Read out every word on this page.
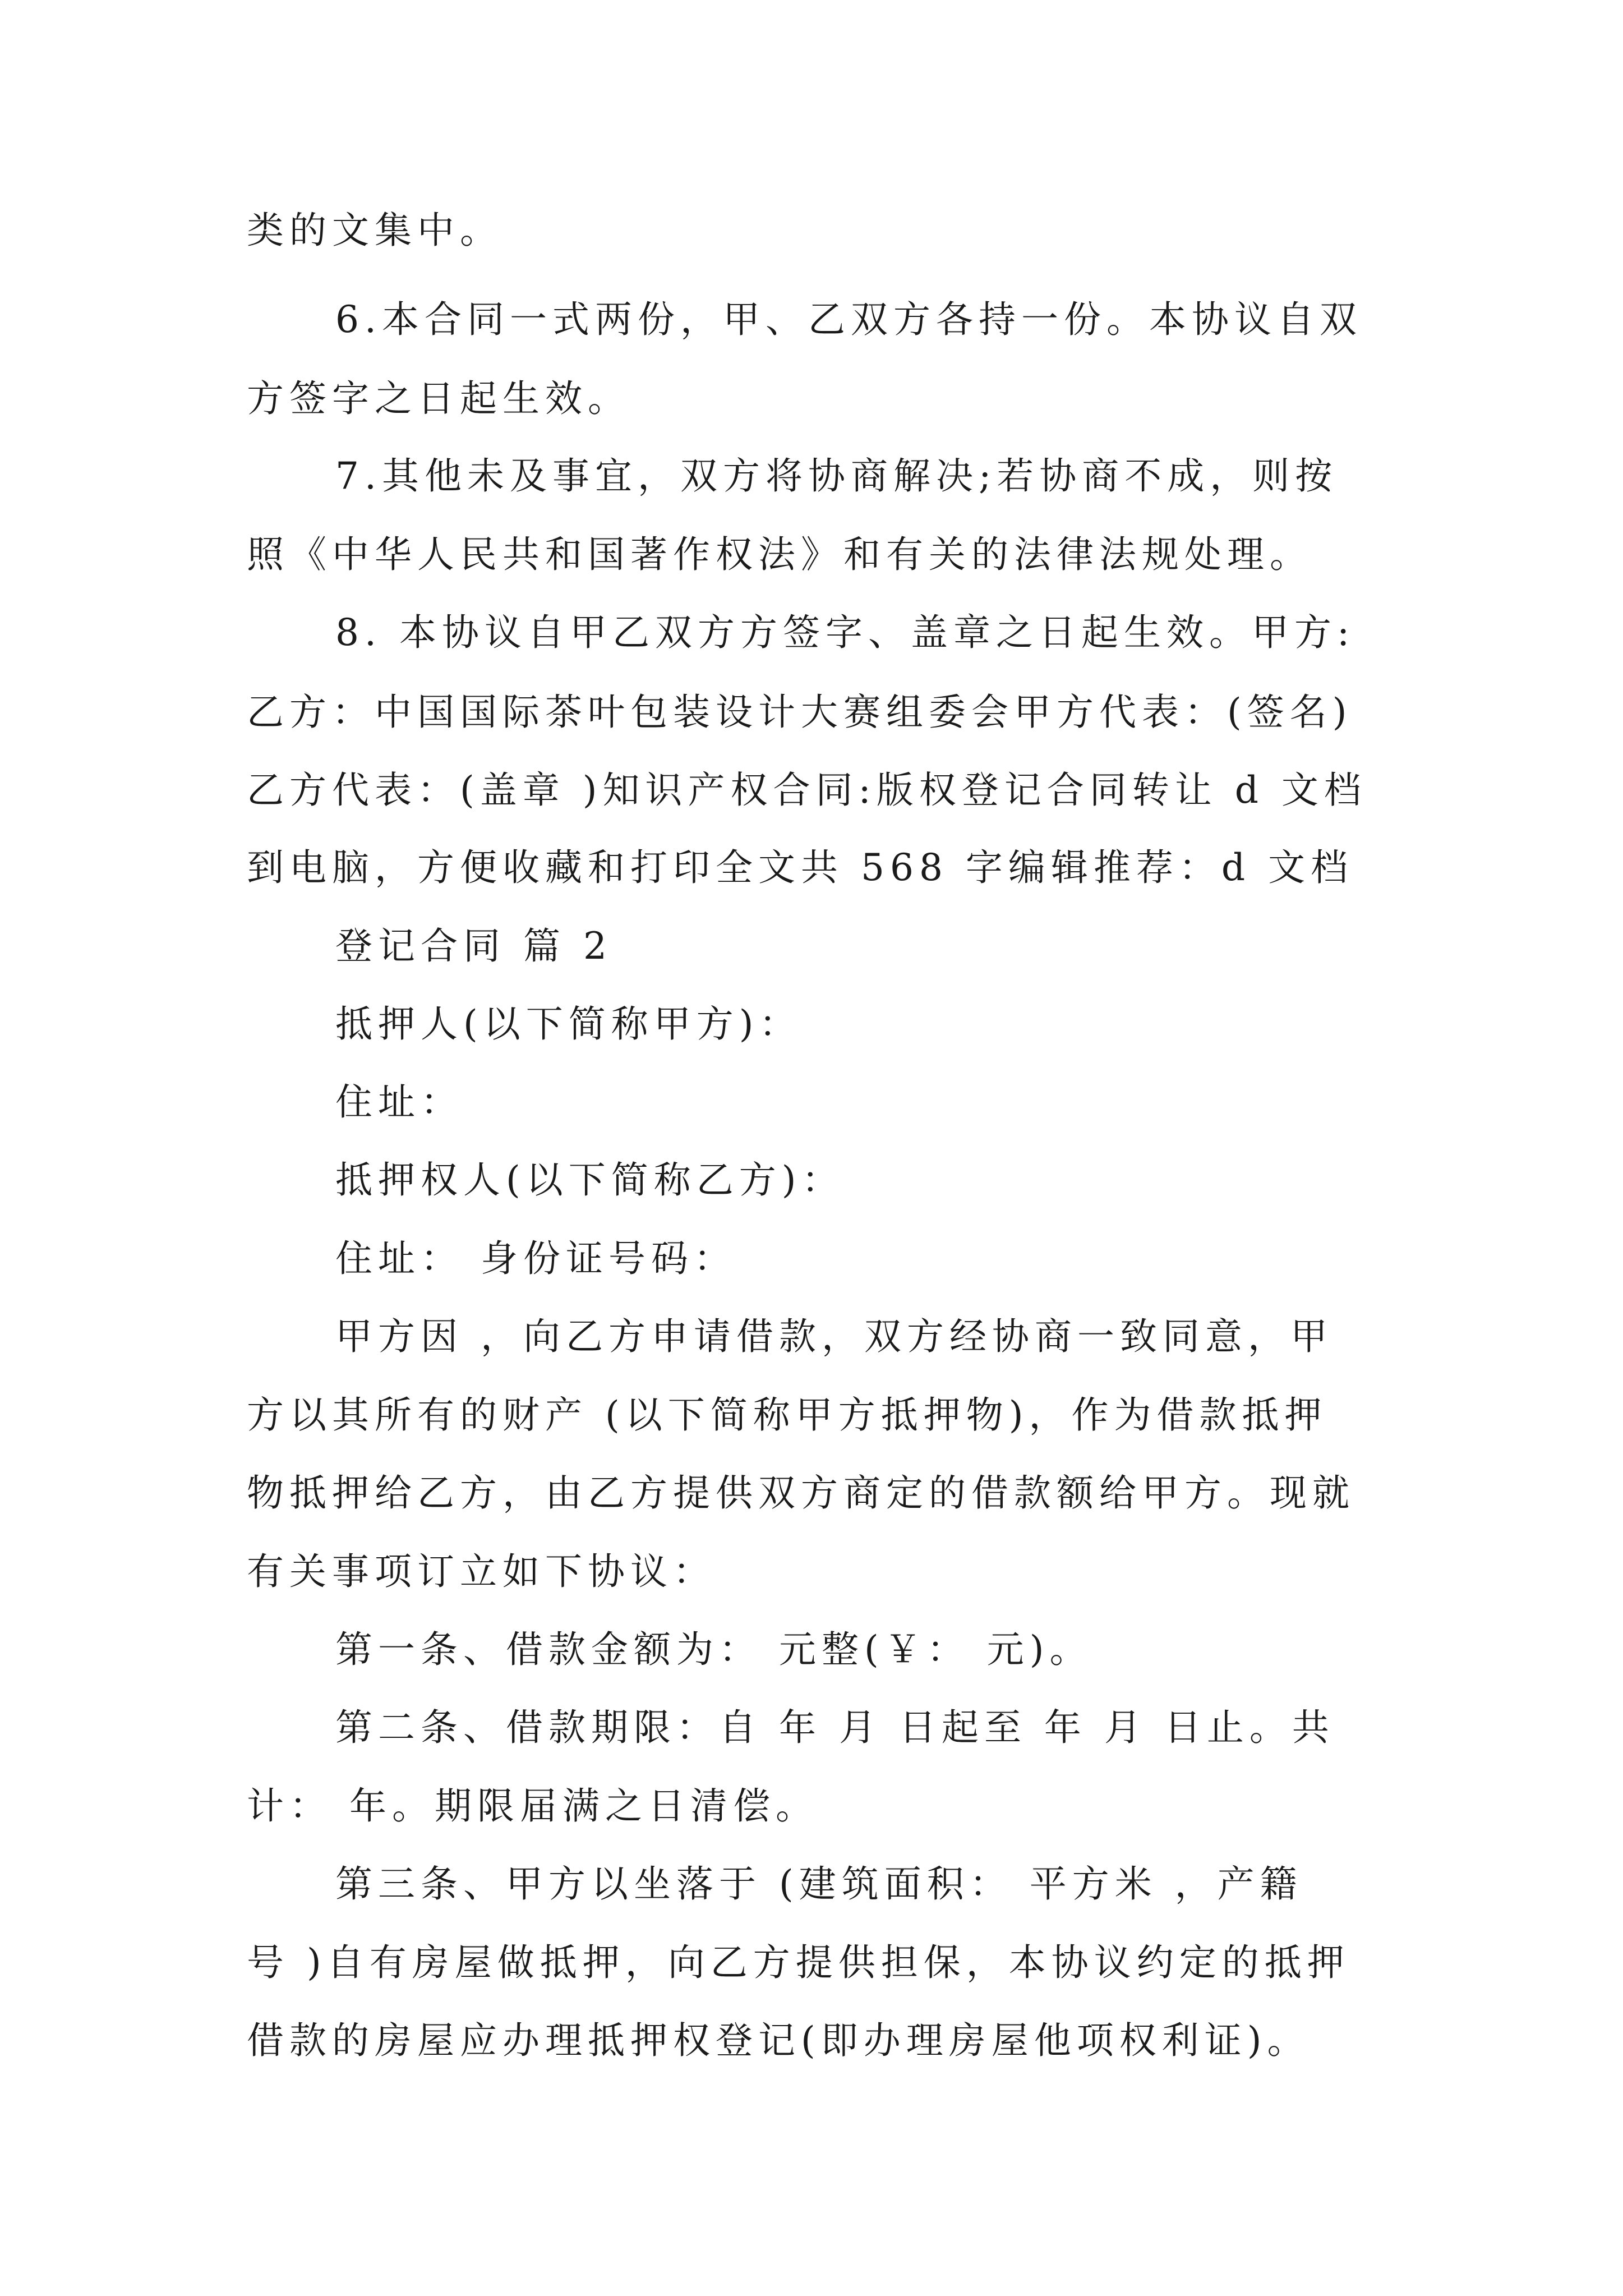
类的文集中。
6.本合同一式两份，甲、乙双方各持一份。本协议自双
方签字之日起生效。
7.其他未及事宜，双方将协商解决;若协商不成，则按
照《中华人民共和国著作权法》和有关的法律法规处理。
8. 本协议自甲乙双方方签字、盖章之日起生效。甲方:
乙方：中国国际茶叶包装设计大赛组委会甲方代表：(签名)
乙方代表：(盖章 )知识产权合同:版权登记合同转让 d 文档
到电脑，方便收藏和打印全文共 568 字编辑推荐：d 文档
登记合同 篇 2
抵押人(以下简称甲方)：
住址：
抵押权人(以下简称乙方)：
住址： 身份证号码：
甲方因 ，向乙方申请借款，双方经协商一致同意，甲
方以其所有的财产 (以下简称甲方抵押物)，作为借款抵押
物抵押给乙方，由乙方提供双方商定的借款额给甲方。现就
有关事项订立如下协议：
第一条、借款金额为： 元整(￥： 元)。
第二条、借款期限：自 年 月 日起至 年 月 日止。共
计： 年。期限届满之日清偿。
第三条、甲方以坐落于 (建筑面积： 平方米 ，产籍
号 )自有房屋做抵押，向乙方提供担保，本协议约定的抵押
借款的房屋应办理抵押权登记(即办理房屋他项权利证)。
